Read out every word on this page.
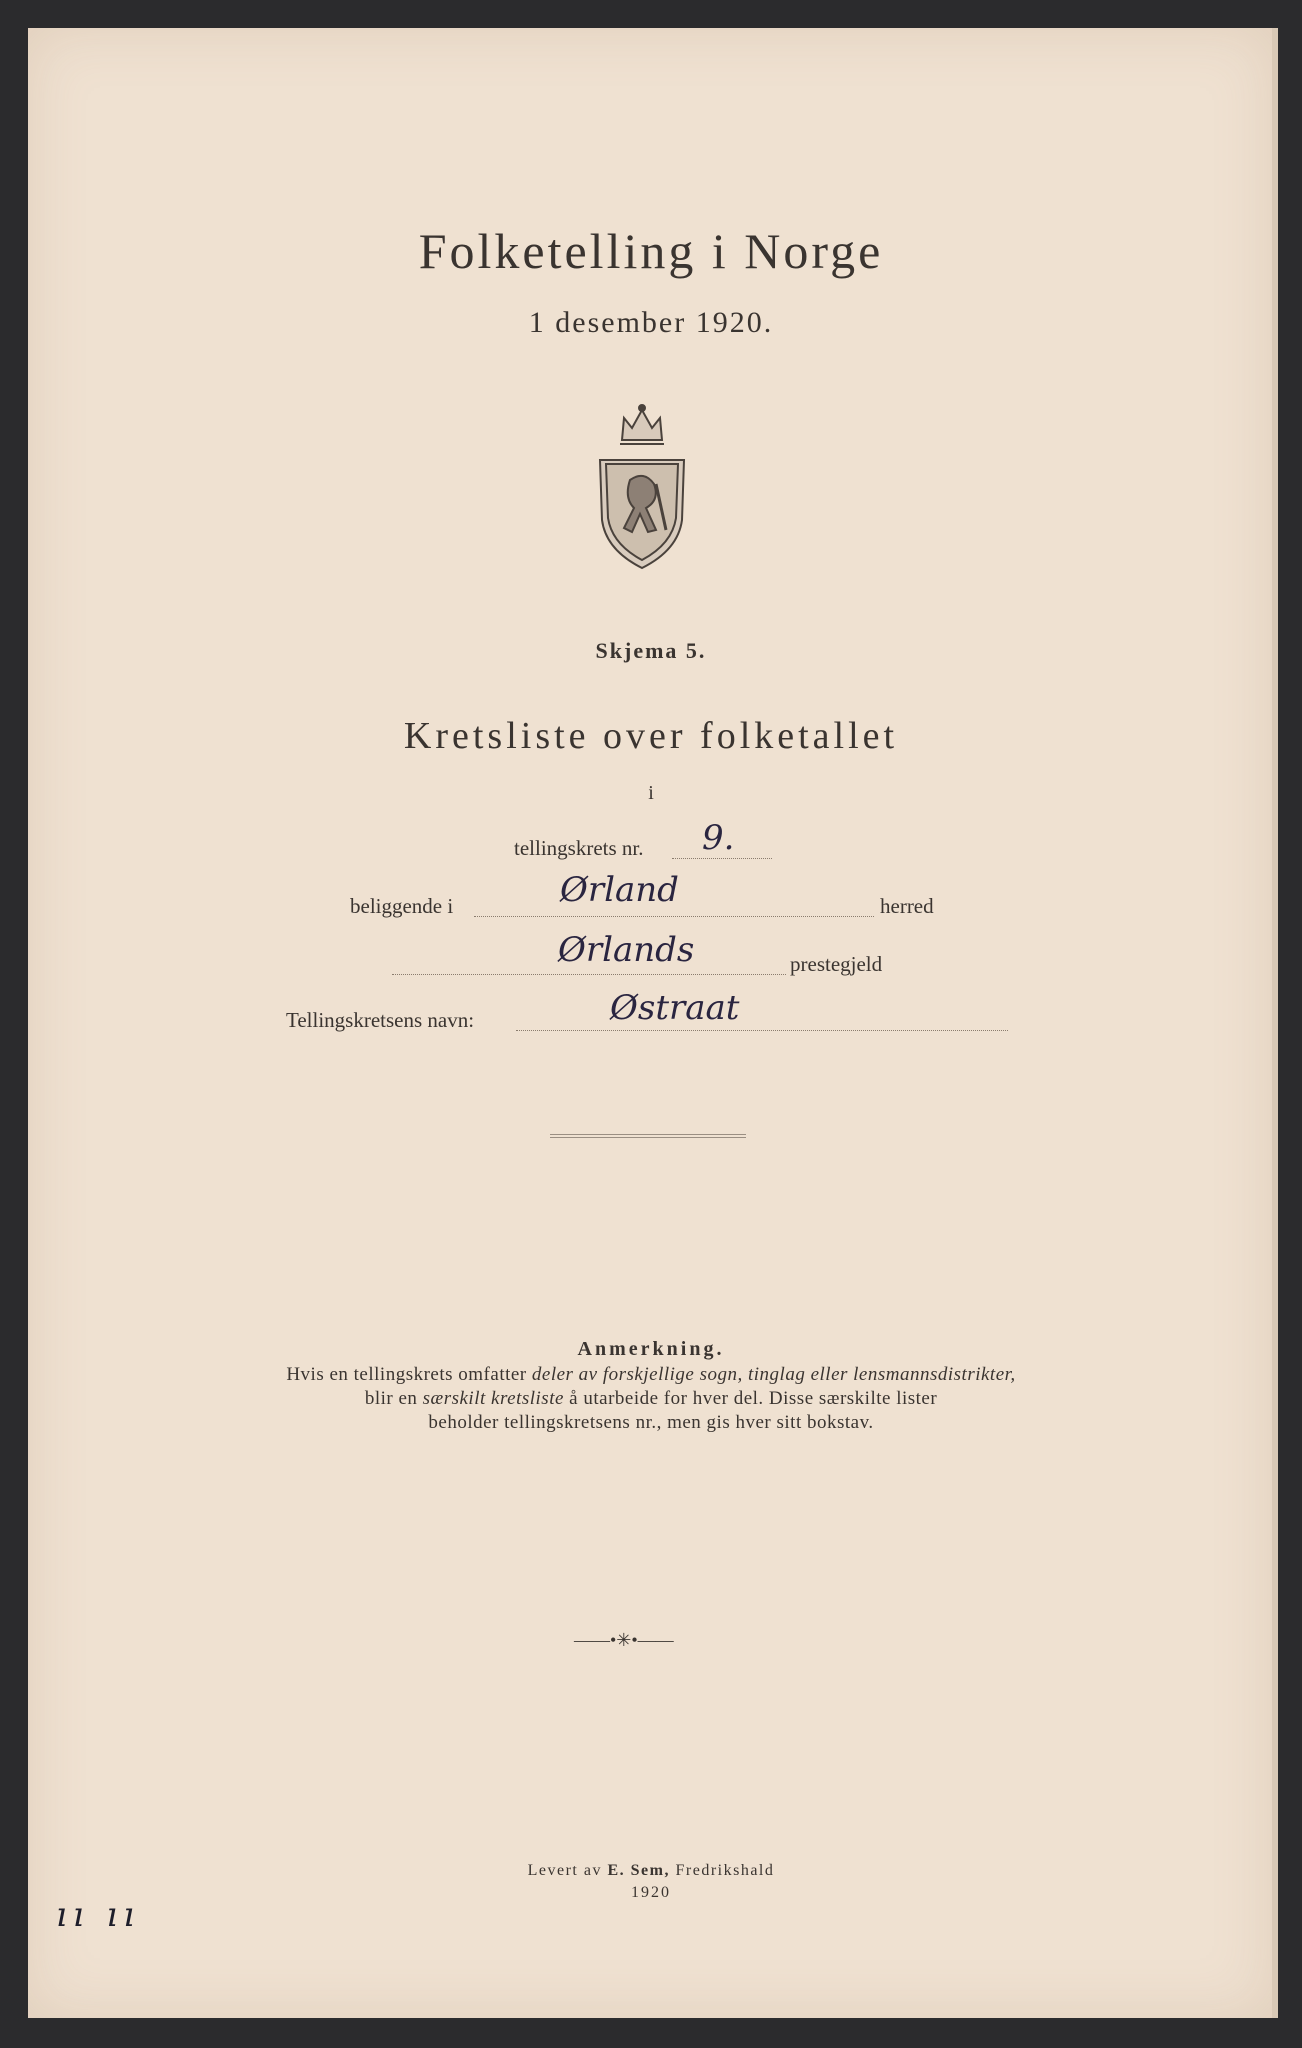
Folketelling i Norge
1 desember 1920.
Skjema 5.
Kretsliste over folketallet
i
tellingskrets nr. 9.
beliggende i	Ørland	herred
Ørlands	prestegjeld
Tellingskretsens navn:	Østraat
Anmerkning.
Hvis en tellingskrets omfatter deler av forskjellige sogn, tinglag eller lensmannsdistrikter,
blir en særskilt kretsliste å utarbeide for hver del. Disse særskilte lister
beholder tellingskretsens nr., men gis hver sitt bokstav.
——•✳•——
Levert av E. Sem, Fredrikshald
1920
ıı ıı
